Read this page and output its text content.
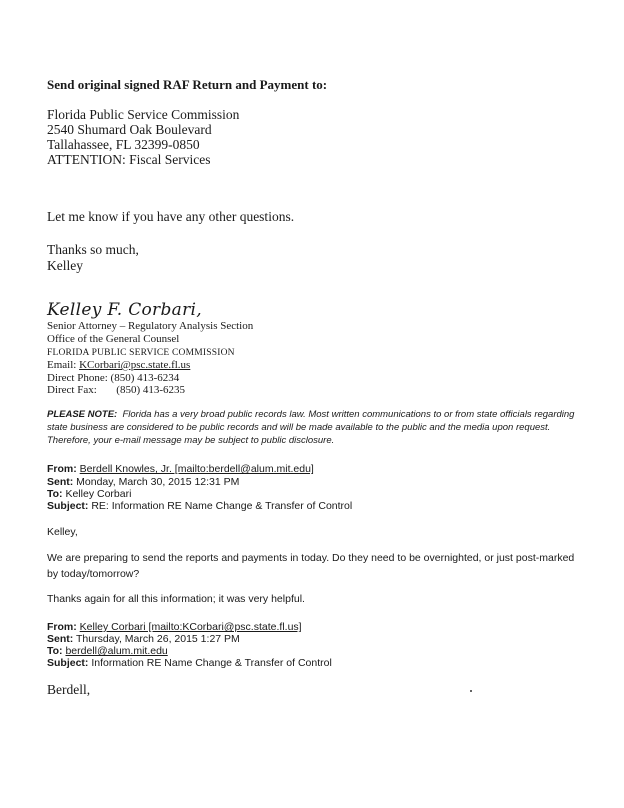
Send original signed RAF Return and Payment to:
Florida Public Service Commission
2540 Shumard Oak Boulevard
Tallahassee, FL 32399-0850
ATTENTION: Fiscal Services
Let me know if you have any other questions.
Thanks so much,
Kelley
Kelley F. Corbari,
Senior Attorney – Regulatory Analysis Section
Office of the General Counsel
FLORIDA PUBLIC SERVICE COMMISSION
Email: KCorbari@psc.state.fl.us
Direct Phone: (850) 413-6234
Direct Fax: (850) 413-6235
PLEASE NOTE: Florida has a very broad public records law. Most written communications to or from state officials regarding state business are considered to be public records and will be made available to the public and the media upon request. Therefore, your e-mail message may be subject to public disclosure.
From: Berdell Knowles, Jr. [mailto:berdell@alum.mit.edu]
Sent: Monday, March 30, 2015 12:31 PM
To: Kelley Corbari
Subject: RE: Information RE Name Change & Transfer of Control
Kelley,
We are preparing to send the reports and payments in today. Do they need to be overnighted, or just post-marked by today/tomorrow?
Thanks again for all this information; it was very helpful.
From: Kelley Corbari [mailto:KCorbari@psc.state.fl.us]
Sent: Thursday, March 26, 2015 1:27 PM
To: berdell@alum.mit.edu
Subject: Information RE Name Change & Transfer of Control
Berdell,
